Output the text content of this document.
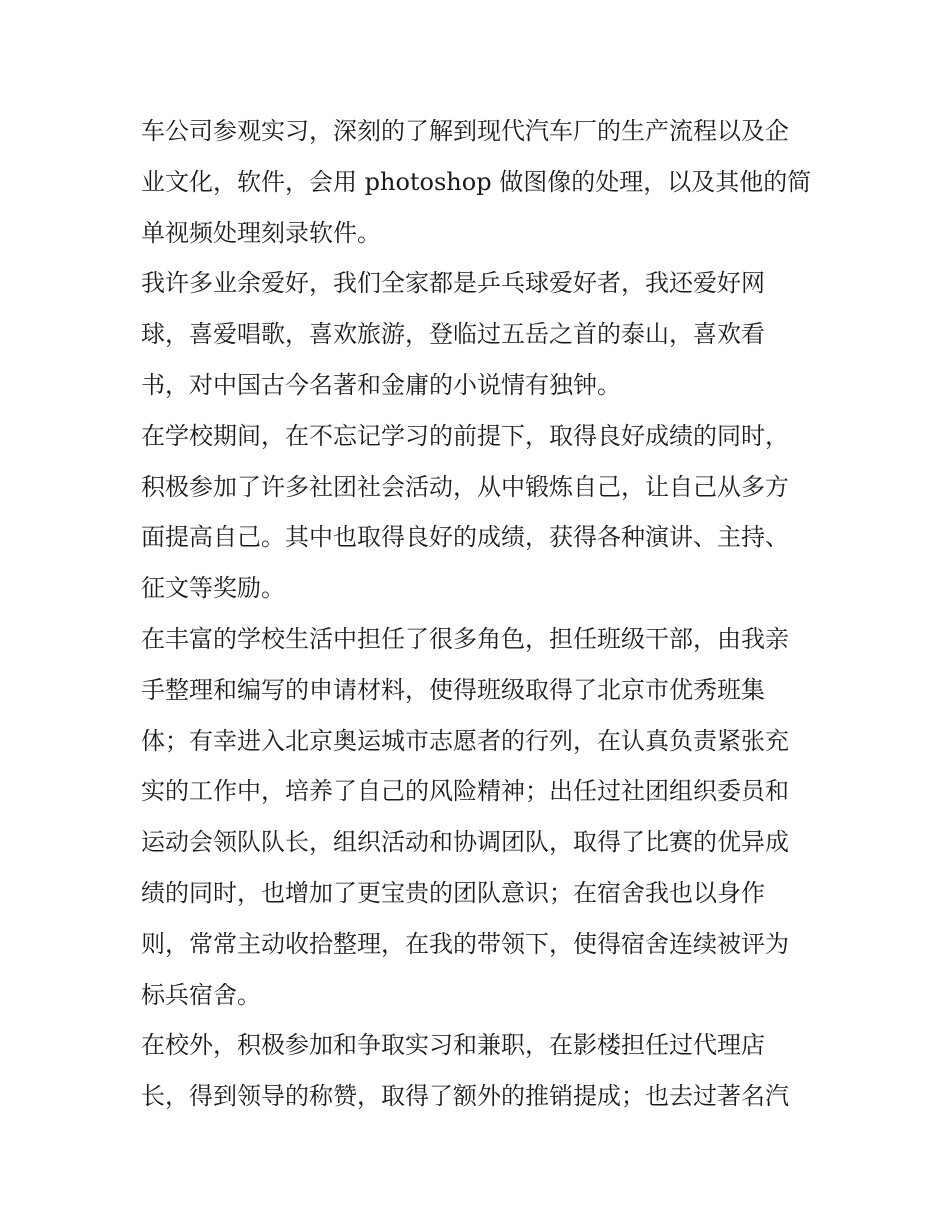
车公司参观实习，深刻的了解到现代汽车厂的生产流程以及企
业文化，软件，会用 photoshop 做图像的处理，以及其他的简
单视频处理刻录软件。
我许多业余爱好，我们全家都是乒乓球爱好者，我还爱好网
球，喜爱唱歌，喜欢旅游，登临过五岳之首的泰山，喜欢看
书，对中国古今名著和金庸的小说情有独钟。
在学校期间，在不忘记学习的前提下，取得良好成绩的同时，
积极参加了许多社团社会活动，从中锻炼自己，让自己从多方
面提高自己。其中也取得良好的成绩，获得各种演讲、主持、
征文等奖励。
在丰富的学校生活中担任了很多角色，担任班级干部，由我亲
手整理和编写的申请材料，使得班级取得了北京市优秀班集
体；有幸进入北京奥运城市志愿者的行列，在认真负责紧张充
实的工作中，培养了自己的风险精神；出任过社团组织委员和
运动会领队队长，组织活动和协调团队，取得了比赛的优异成
绩的同时，也增加了更宝贵的团队意识；在宿舍我也以身作
则，常常主动收拾整理，在我的带领下，使得宿舍连续被评为
标兵宿舍。
在校外，积极参加和争取实习和兼职，在影楼担任过代理店
长，得到领导的称赞，取得了额外的推销提成；也去过著名汽
